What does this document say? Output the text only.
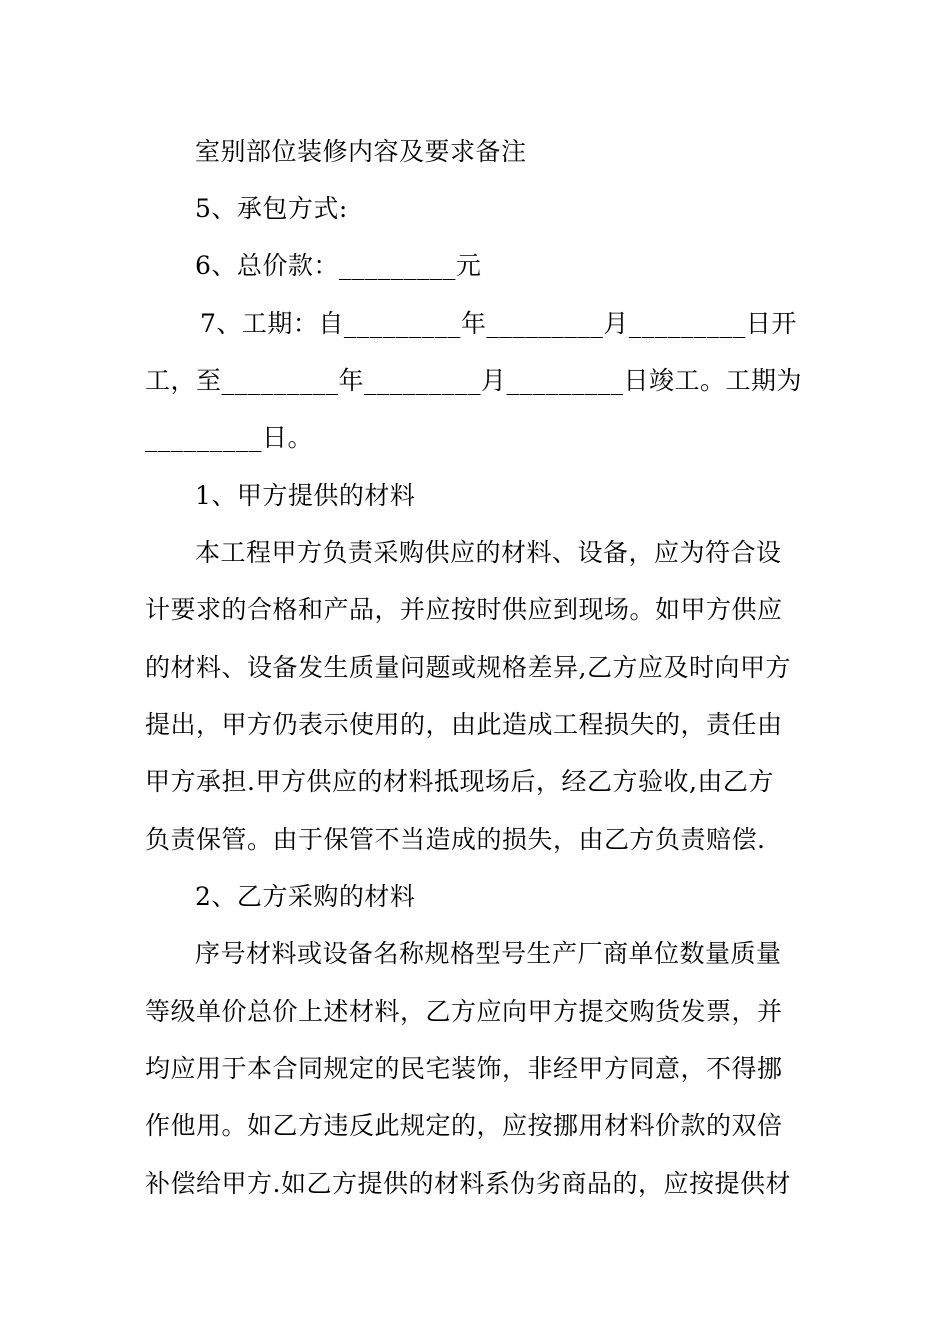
室别部位装修内容及要求备注
5、承包方式:
6、总价款：_________元
7、工期：自_________年_________月_________日开
工，至_________年_________月_________日竣工。工期为
_________日。
1、甲方提供的材料
本工程甲方负责采购供应的材料、设备，应为符合设
计要求的合格和产品，并应按时供应到现场。如甲方供应
的材料、设备发生质量问题或规格差异,乙方应及时向甲方
提出，甲方仍表示使用的，由此造成工程损失的，责任由
甲方承担.甲方供应的材料抵现场后，经乙方验收,由乙方
负责保管。由于保管不当造成的损失，由乙方负责赔偿.
2、乙方采购的材料
序号材料或设备名称规格型号生产厂商单位数量质量
等级单价总价上述材料，乙方应向甲方提交购货发票，并
均应用于本合同规定的民宅装饰，非经甲方同意，不得挪
作他用。如乙方违反此规定的，应按挪用材料价款的双倍
补偿给甲方.如乙方提供的材料系伪劣商品的，应按提供材
